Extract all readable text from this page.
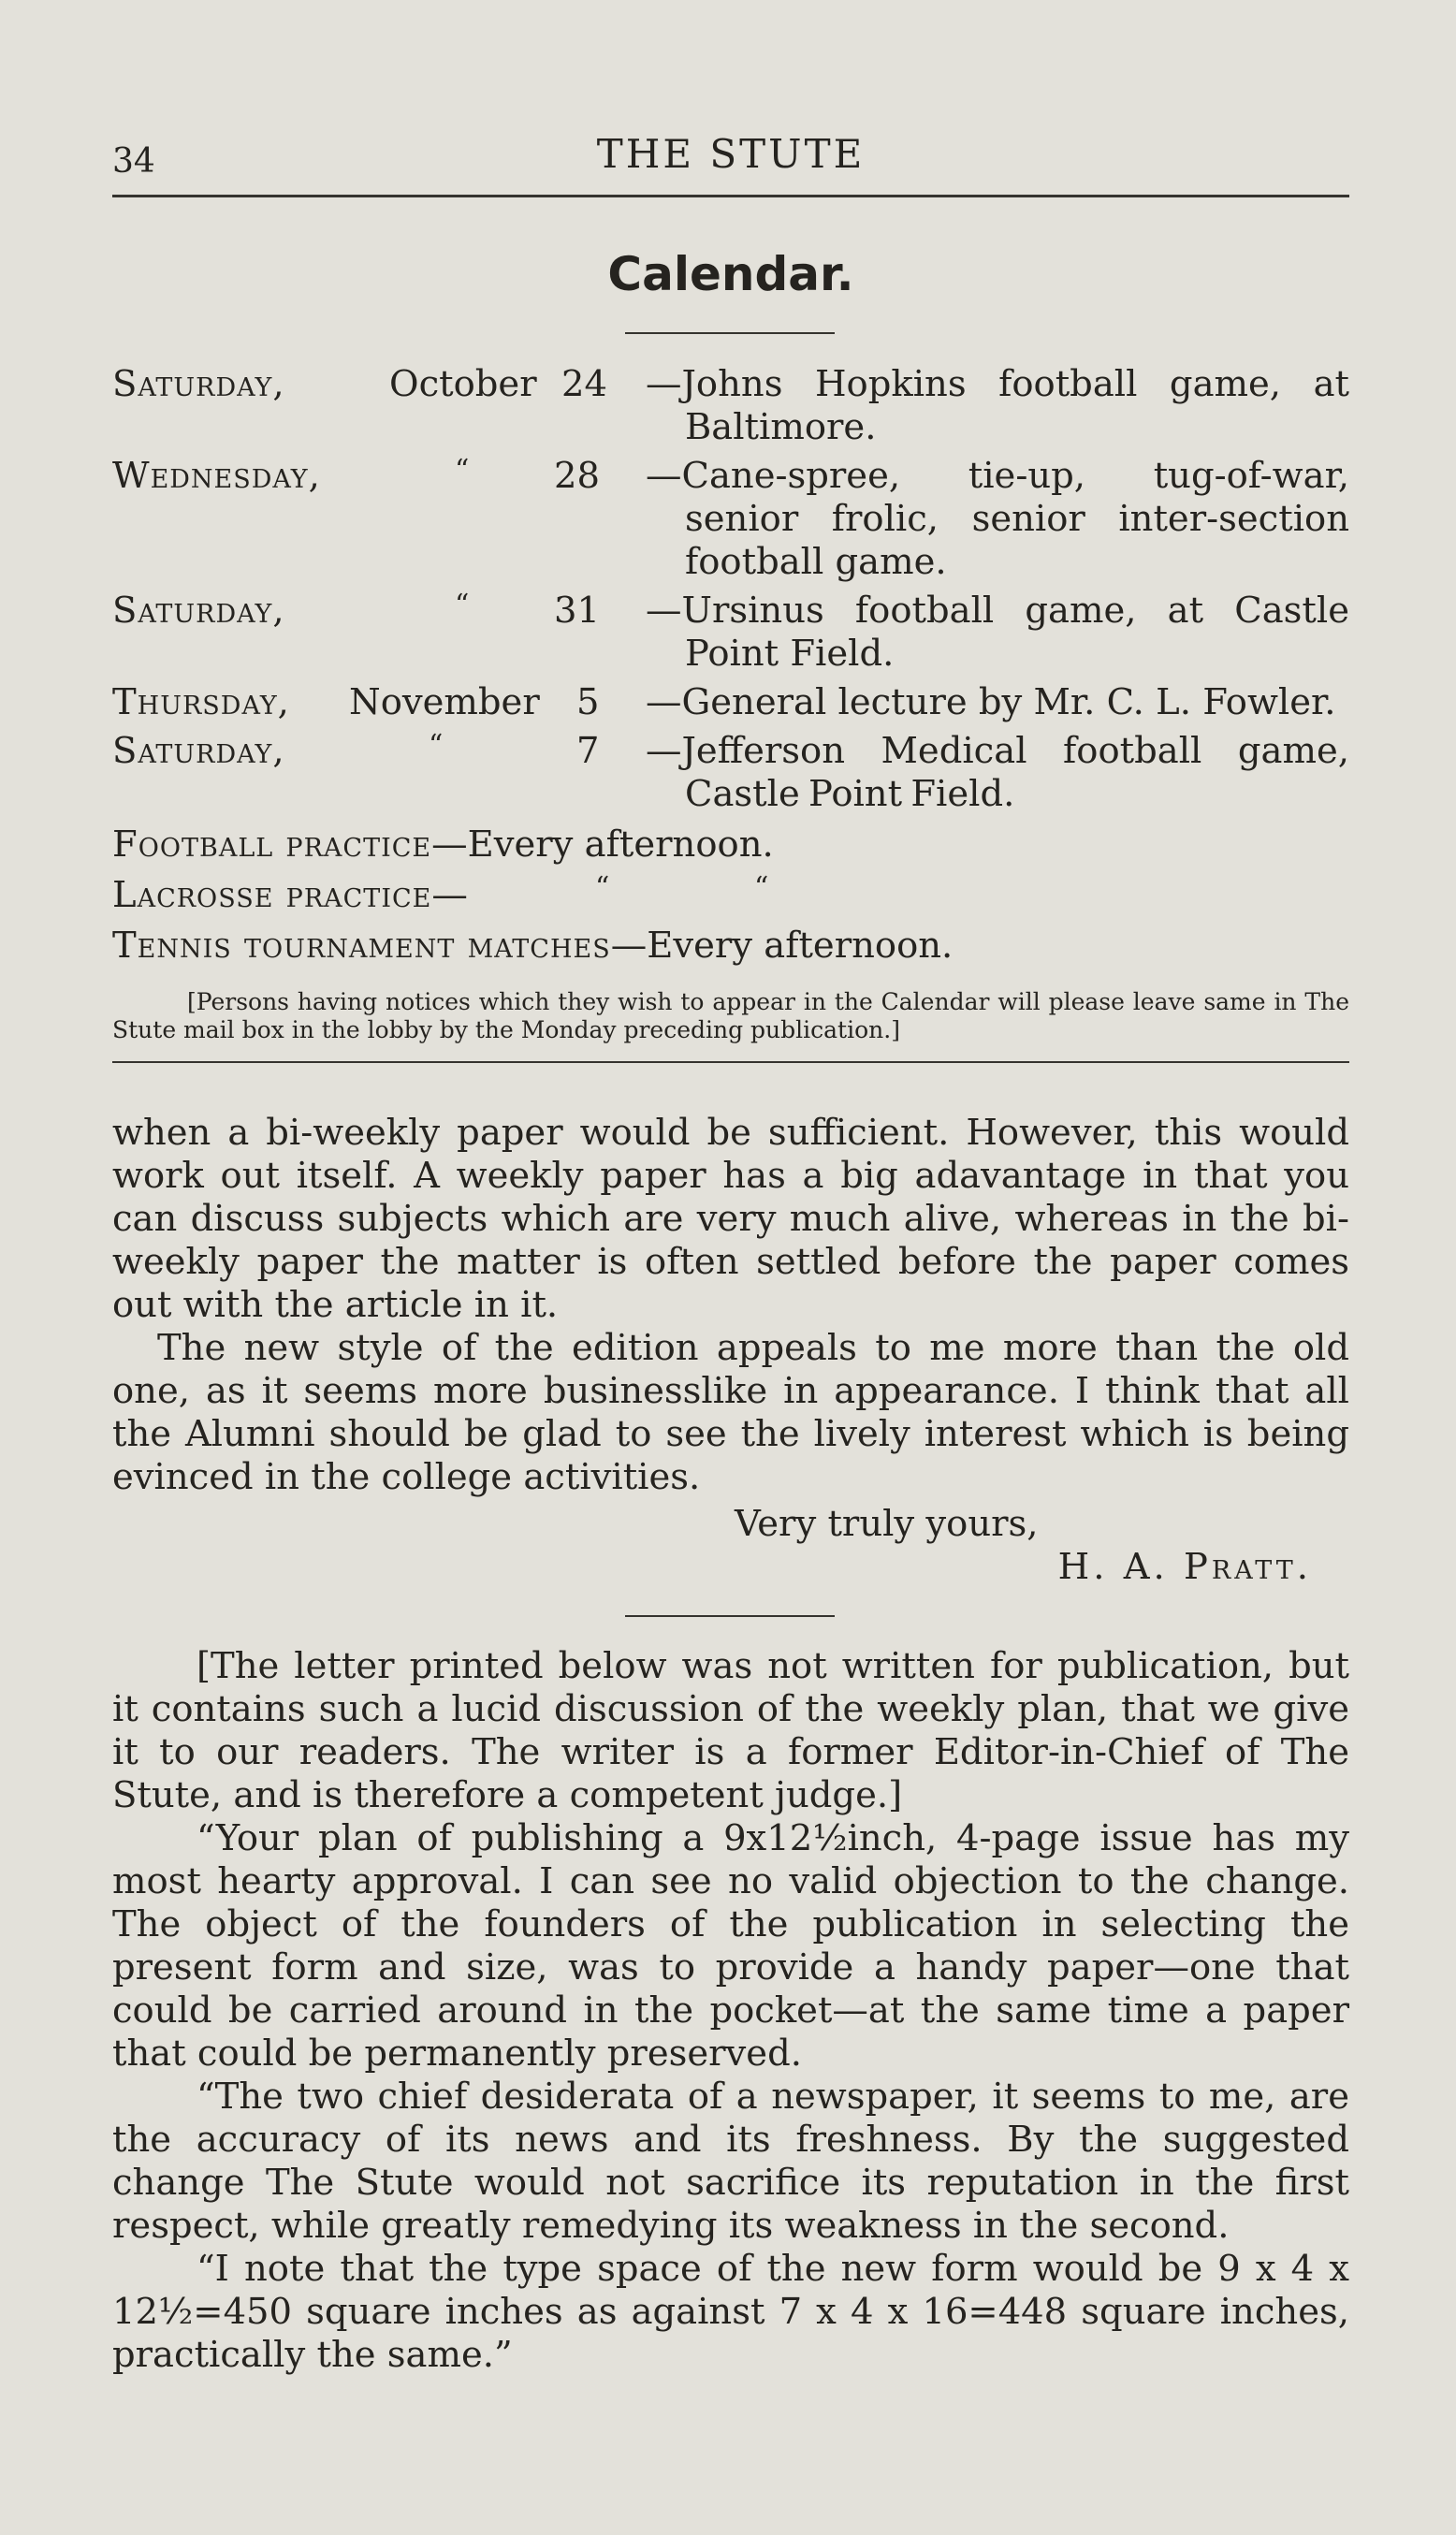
34	THE STUTE
Calendar.
Saturday,	October 24 —Johns Hopkins football game, at Baltimore.
Wednesday,	“ 28 —Cane-spree, tie-up, tug-of-war, senior frolic, senior inter-section football game.
Saturday,	“ 31 —Ursinus football game, at Castle Point Field.
Thursday, November 5 —General lecture by Mr. C. L. Fowler.
Saturday,	“	7 —Jefferson Medical football game, Castle Point Field.
Football practice—Every afternoon.
Lacrosse practice—	“	“
Tennis tournament matches—Every afternoon.
[Persons having notices which they wish to appear in the Calendar will please leave same in The Stute mail box in the lobby by the Monday preceding publication.]

when a bi-weekly paper would be sufficient. However, this would work out itself. A weekly paper has a big adavantage in that you can discuss subjects which are very much alive, whereas in the bi-weekly paper the matter is often settled before the paper comes out with the article in it.

The new style of the edition appeals to me more than the old one, as it seems more businesslike in appearance. I think that all the Alumni should be glad to see the lively interest which is being evinced in the college activities.

Very truly yours,
H. A. Pratt.

[The letter printed below was not written for publication, but it contains such a lucid discussion of the weekly plan, that we give it to our readers. The writer is a former Editor-in-Chief of The Stute, and is therefore a competent judge.]

“Your plan of publishing a 9x12½inch, 4-page issue has my most hearty approval. I can see no valid objection to the change. The object of the founders of the publication in selecting the present form and size, was to provide a handy paper—one that could be carried around in the pocket—at the same time a paper that could be permanently preserved.

“The two chief desiderata of a newspaper, it seems to me, are the accuracy of its news and its freshness. By the suggested change The Stute would not sacrifice its reputation in the first respect, while greatly remedying its weakness in the second.

“I note that the type space of the new form would be 9 x 4 x 12½=450 square inches as against 7 x 4 x 16=448 square inches, practically the same.”
